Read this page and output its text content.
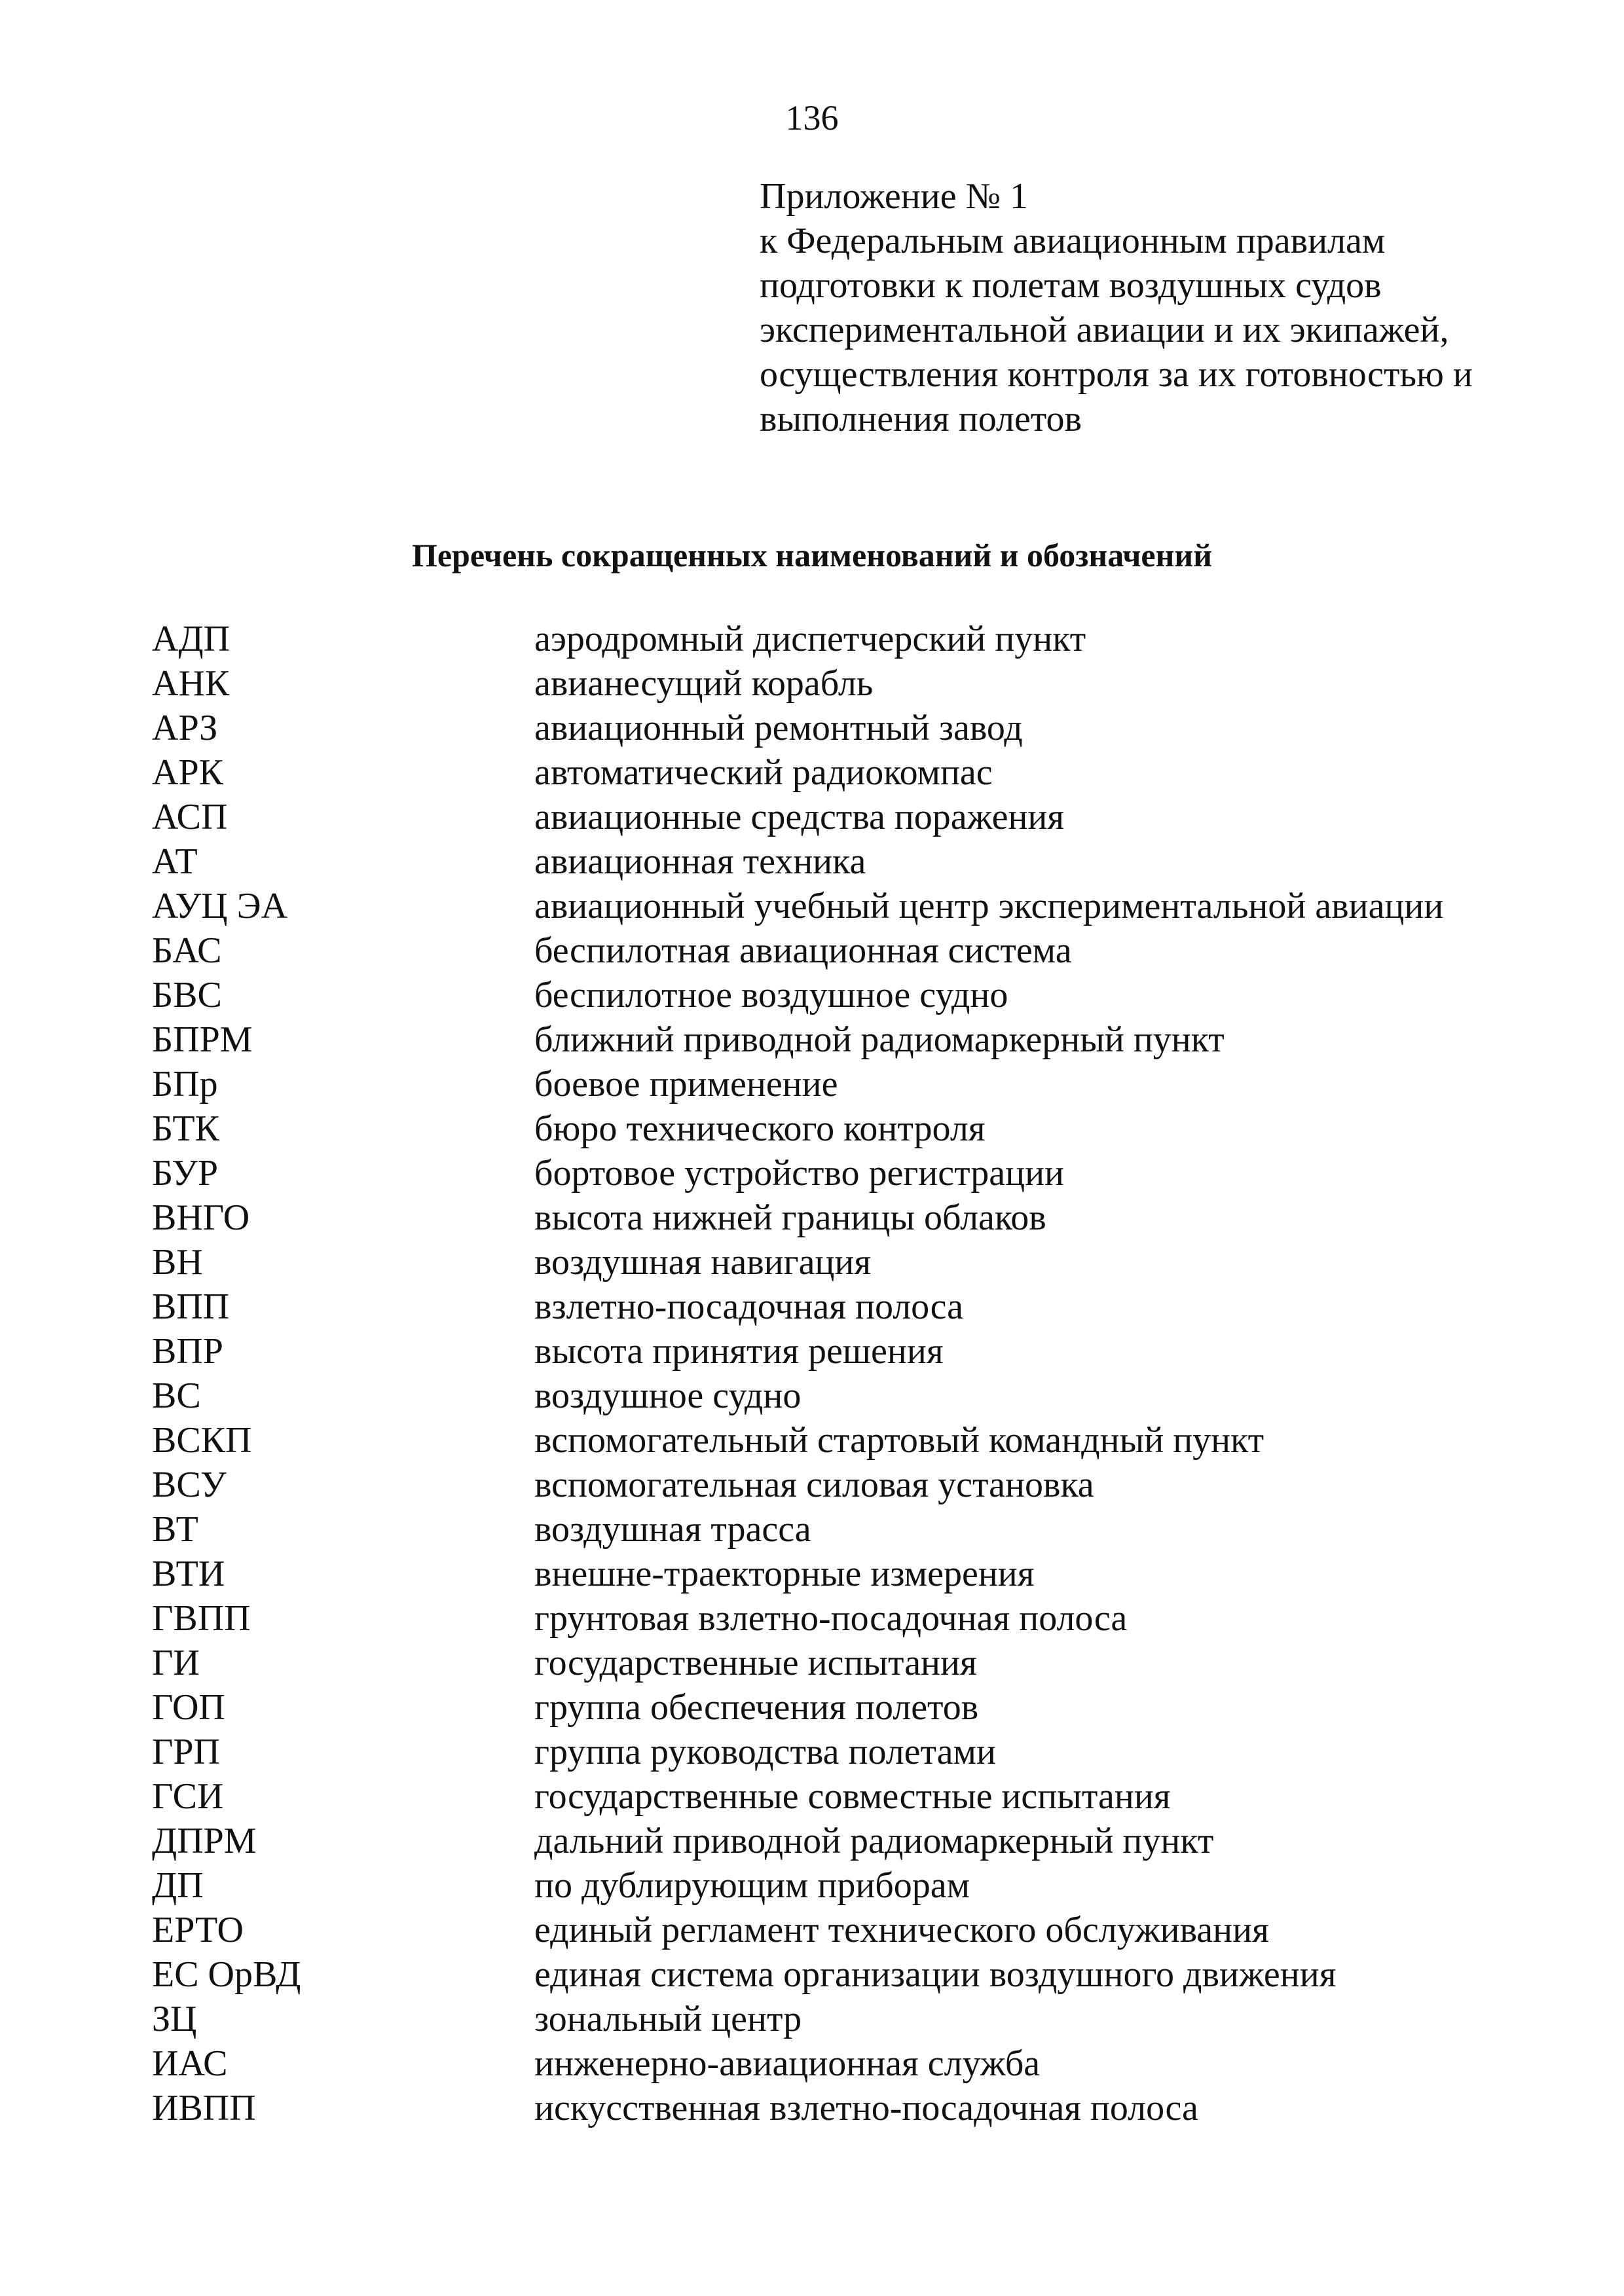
136
Приложение № 1
к Федеральным авиационным правилам
подготовки к полетам воздушных судов
экспериментальной авиации и их экипажей,
осуществления контроля за их готовностью и
выполнения полетов
Перечень сокращенных наименований и обозначений
АДП	аэродромный диспетчерский пункт
АНК	авианесущий корабль
АРЗ	авиационный ремонтный завод
АРК	автоматический радиокомпас
АСП	авиационные средства поражения
АТ	авиационная техника
АУЦ ЭА	авиационный учебный центр экспериментальной авиации
БАС	беспилотная авиационная система
БВС	беспилотное воздушное судно
БПРМ	ближний приводной радиомаркерный пункт
БПр	боевое применение
БТК	бюро технического контроля
БУР	бортовое устройство регистрации
ВНГО	высота нижней границы облаков
ВН	воздушная навигация
ВПП	взлетно-посадочная полоса
ВПР	высота принятия решения
ВС	воздушное судно
ВСКП	вспомогательный стартовый командный пункт
ВСУ	вспомогательная силовая установка
ВТ	воздушная трасса
ВТИ	внешне-траекторные измерения
ГВПП	грунтовая взлетно-посадочная полоса
ГИ	государственные испытания
ГОП	группа обеспечения полетов
ГРП	группа руководства полетами
ГСИ	государственные совместные испытания
ДПРМ	дальний приводной радиомаркерный пункт
ДП	по дублирующим приборам
ЕРТО	единый регламент технического обслуживания
ЕС ОрВД	единая система организации воздушного движения
ЗЦ	зональный центр
ИАС	инженерно-авиационная служба
ИВПП	искусственная взлетно-посадочная полоса
